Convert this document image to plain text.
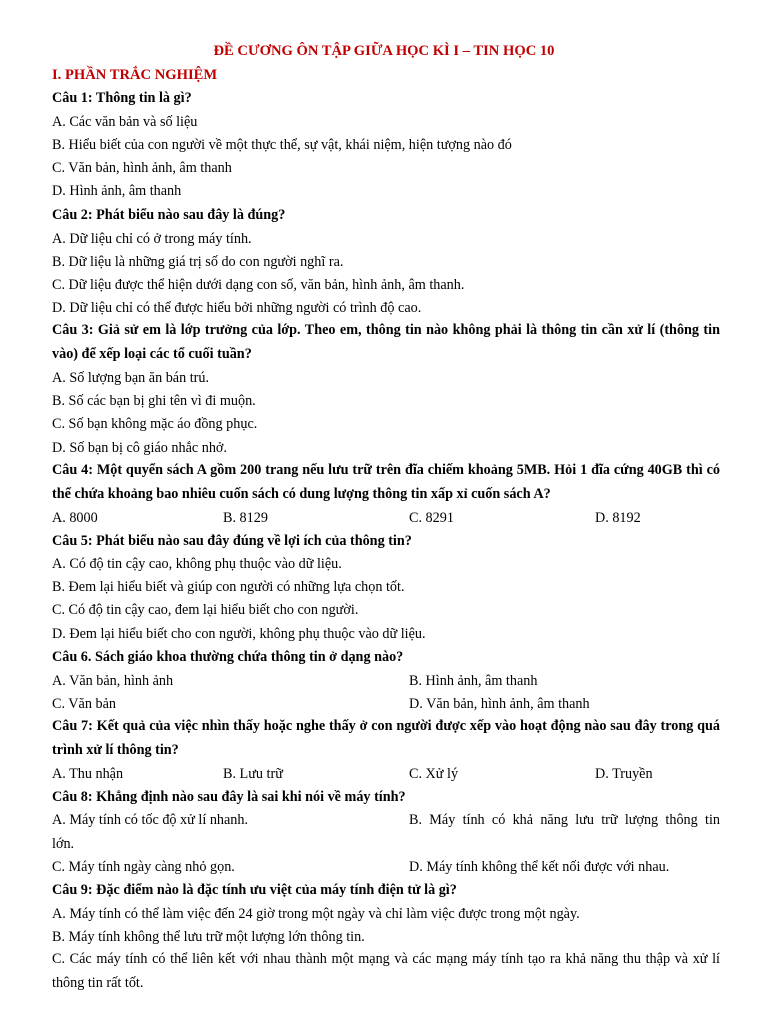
ĐỀ CƯƠNG ÔN TẬP GIỮA HỌC KÌ I – TIN HỌC 10
I. PHẦN TRẮC NGHIỆM
Câu 1: Thông tin là gì?
A. Các văn bản và số liệu
B. Hiểu biết của con người về một thực thể, sự vật, khái niệm, hiện tượng nào đó
C. Văn bản, hình ảnh, âm thanh
D. Hình ảnh, âm thanh
Câu 2: Phát biểu nào sau đây là đúng?
A. Dữ liệu chỉ có ở trong máy tính.
B. Dữ liệu là những giá trị số do con người nghĩ ra.
C. Dữ liệu được thể hiện dưới dạng con số, văn bản, hình ảnh, âm thanh.
D. Dữ liệu chỉ có thể được hiểu bởi những người có trình độ cao.
Câu 3: Giả sử em là lớp trưởng của lớp. Theo em, thông tin nào không phải là thông tin cần xử lí (thông tin vào) để xếp loại các tổ cuối tuần?
A. Số lượng bạn ăn bán trú.
B. Số các bạn bị ghi tên vì đi muộn.
C. Số bạn không mặc áo đồng phục.
D. Số bạn bị cô giáo nhắc nhở.
Câu 4: Một quyển sách A gồm 200 trang nếu lưu trữ trên đĩa chiếm khoảng 5MB. Hỏi 1 đĩa cứng 40GB thì có thể chứa khoảng bao nhiêu cuốn sách có dung lượng thông tin xấp xỉ cuốn sách A?
A. 8000	B. 8129	C. 8291	D. 8192
Câu 5: Phát biểu nào sau đây đúng về lợi ích của thông tin?
A. Có độ tin cậy cao, không phụ thuộc vào dữ liệu.
B. Đem lại hiểu biết và giúp con người có những lựa chọn tốt.
C. Có độ tin cậy cao, đem lại hiểu biết cho con người.
D. Đem lại hiểu biết cho con người, không phụ thuộc vào dữ liệu.
Câu 6. Sách giáo khoa thường chứa thông tin ở dạng nào?
A. Văn bản, hình ảnh	B. Hình ảnh, âm thanh
C. Văn bản	D. Văn bản, hình ảnh, âm thanh
Câu 7: Kết quả của việc nhìn thấy hoặc nghe thấy ở con người được xếp vào hoạt động nào sau đây trong quá trình xử lí thông tin?
A. Thu nhận	B. Lưu trữ	C. Xử lý	D. Truyền
Câu 8: Khẳng định nào sau đây là sai khi nói về máy tính?
A. Máy tính có tốc độ xử lí nhanh.	B. Máy tính có khả năng lưu trữ lượng thông tin
lớn.
C. Máy tính ngày càng nhỏ gọn.	D. Máy tính không thể kết nối được với nhau.
Câu 9: Đặc điểm nào là đặc tính ưu việt của máy tính điện tử là gì?
A. Máy tính có thể làm việc đến 24 giờ trong một ngày và chỉ làm việc được trong một ngày.
B. Máy tính không thể lưu trữ một lượng lớn thông tin.
C. Các máy tính có thể liên kết với nhau thành một mạng và các mạng máy tính tạo ra khả năng thu thập và xử lí thông tin rất tốt.
